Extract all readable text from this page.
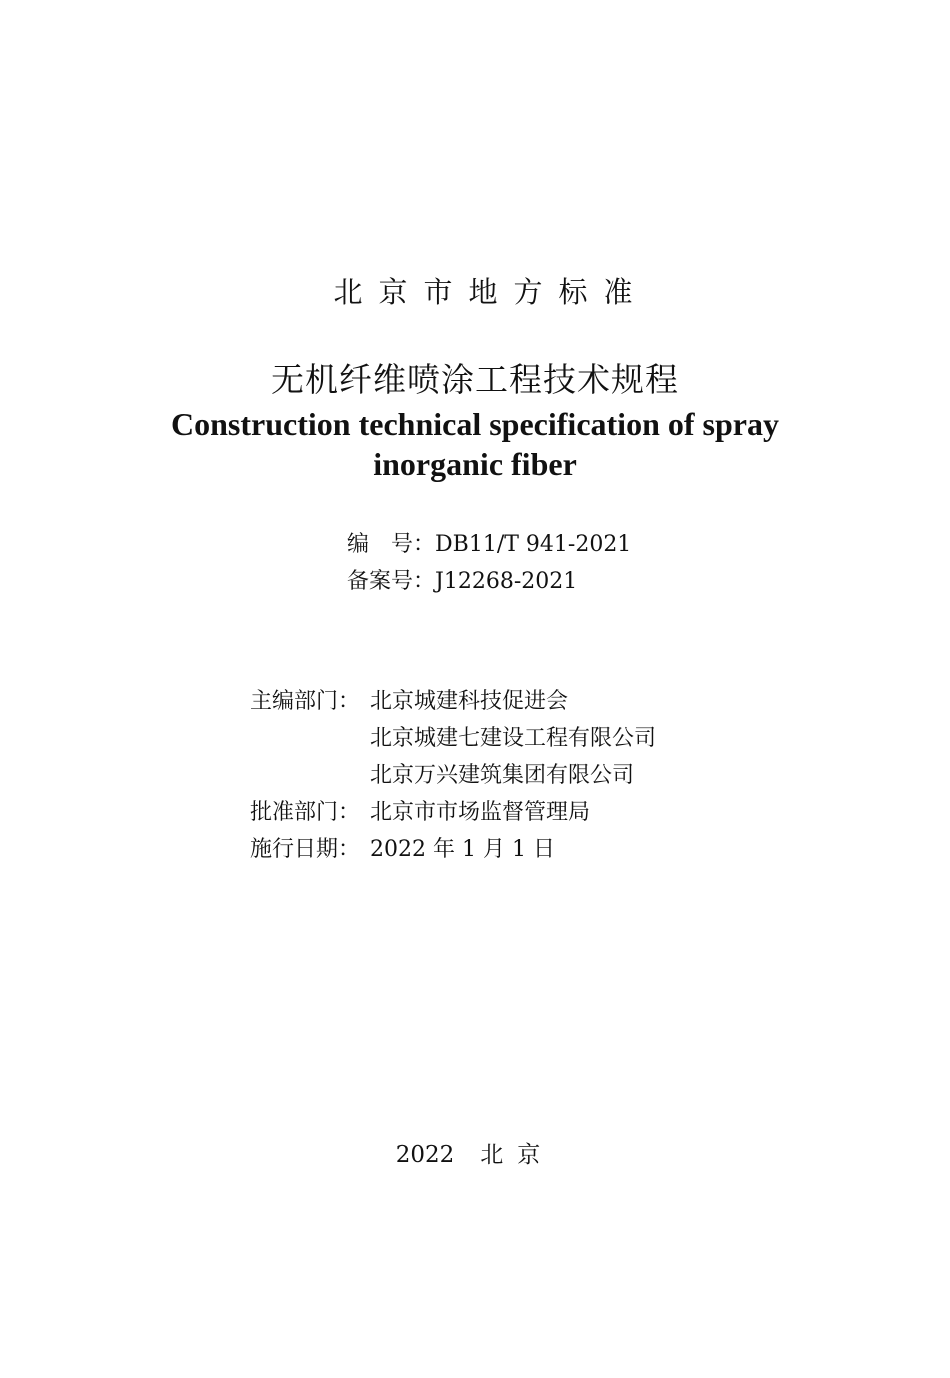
北京市地方标准
无机纤维喷涂工程技术规程
Construction technical specification of spray
inorganic fiber
编　号：DB11/T 941-2021
备案号：J12268-2021
主编部门： 北京城建科技促进会
北京城建七建设工程有限公司
北京万兴建筑集团有限公司
批准部门： 北京市市场监督管理局
施行日期： 2022 年 1 月 1 日
2022 北京
